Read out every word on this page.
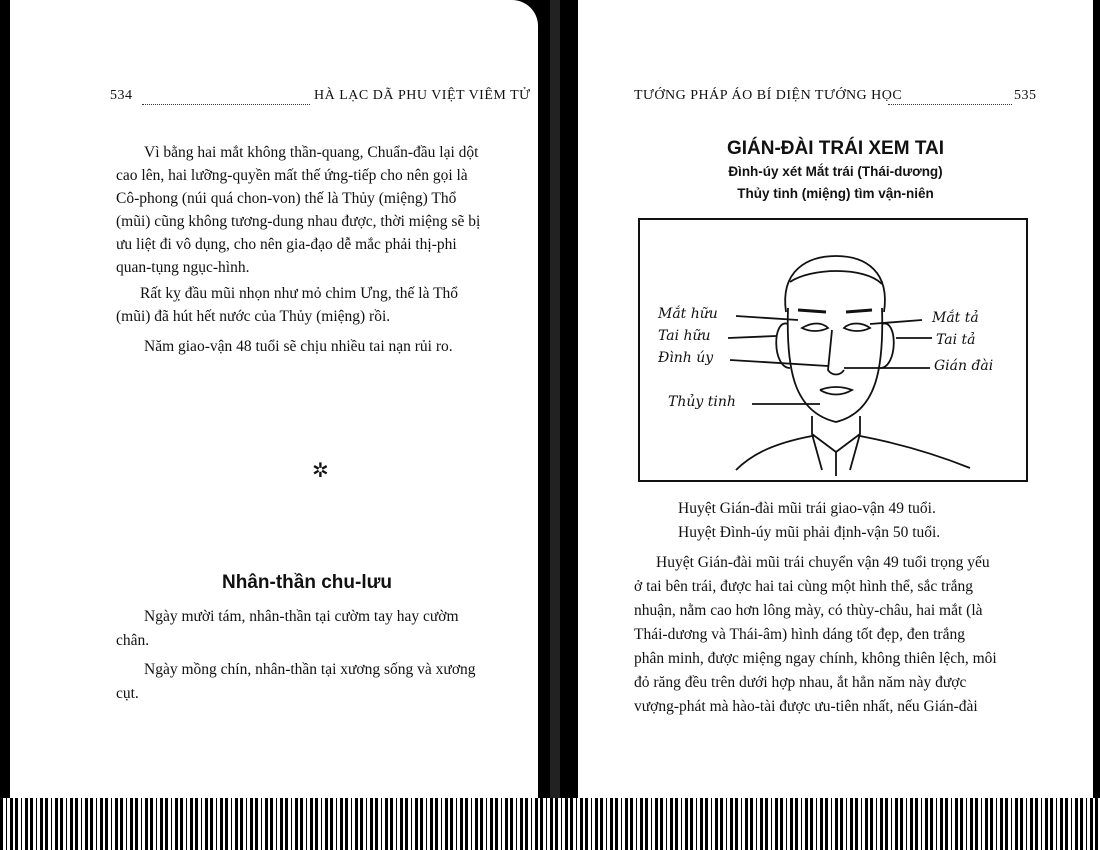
534	HÀ LẠC DÃ PHU VIỆT VIÊM TỬ
Vì bằng hai mắt không thần-quang, Chuẩn-đầu lại dột
cao lên, hai lưỡng-quyền mất thế ứng-tiếp cho nên gọi là
Cô-phong (núi quá chon-von) thế là Thủy (miệng) Thổ
(mũi) cũng không tương-dung nhau được, thời miệng sẽ bị
ưu liệt đi vô dụng, cho nên gia-đạo dễ mắc phải thị-phi
quan-tụng ngục-hình.
Rất kỵ đầu mũi nhọn như mỏ chim Ưng, thế là Thổ
(mũi) đã hút hết nước của Thủy (miệng) rồi.
Năm giao-vận 48 tuổi sẽ chịu nhiều tai nạn rủi ro.
✲
Nhân-thần chu-lưu
Ngày mười tám, nhân-thần tại cườm tay hay cườm
chân.
Ngày mồng chín, nhân-thần tại xương sống và xương
cụt.
TƯỚNG PHÁP ÁO BÍ DIỆN TƯỚNG HỌC	535
GIÁN-ĐÀI TRÁI XEM TAI
Đình-úy xét Mắt trái (Thái-dương)
Thủy tinh (miệng) tìm vận-niên
Mắt hữu
Tai hữu
Đình úy
Thủy tinh
Mắt tả
Tai tả
Gián đài
Huyệt Gián-đài mũi trái giao-vận 49 tuổi.
Huyệt Đình-úy mũi phải định-vận 50 tuổi.
Huyệt Gián-đài mũi trái chuyển vận 49 tuổi trọng yếu
ở tai bên trái, được hai tai cùng một hình thể, sắc trắng
nhuận, nằm cao hơn lông mày, có thùy-châu, hai mắt (là
Thái-dương và Thái-âm) hình dáng tốt đẹp, đen trắng
phân minh, được miệng ngay chính, không thiên lệch, môi
đỏ răng đều trên dưới hợp nhau, ắt hẳn năm này được
vượng-phát mà hào-tài được ưu-tiên nhất, nếu Gián-đài
